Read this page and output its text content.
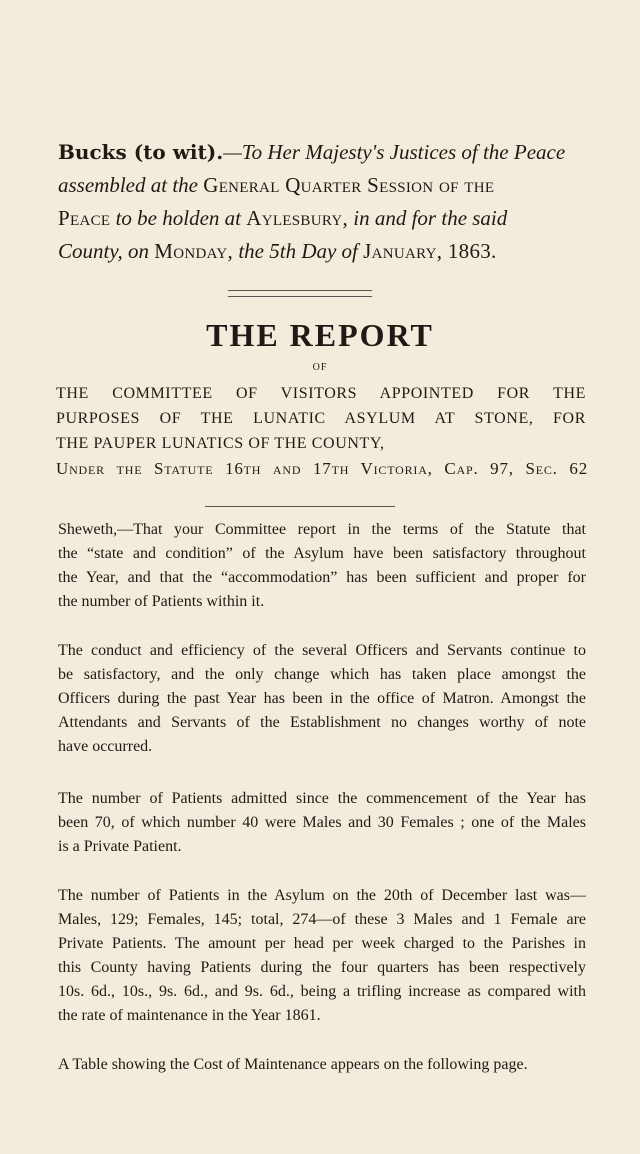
Bucks (to wit).—To Her Majesty's Justices of the Peace

assembled at the General Quarter Session of the

Peace to be holden at Aylesbury, in and for the said

County, on Monday, the 5th Day of January, 1863.

THE REPORT
OF
THE COMMITTEE OF VISITORS APPOINTED FOR THE
PURPOSES OF THE LUNATIC ASYLUM AT STONE, FOR
THE PAUPER LUNATICS OF THE COUNTY,
Under the Statute 16th and 17th Victoria, Cap. 97, Sec. 62
Sheweth,—That your Committee report in the terms of the Statute that
the “state and condition” of the Asylum have been satisfactory throughout
the Year, and that the “accommodation” has been sufficient and proper for
the number of Patients within it.
The conduct and efficiency of the several Officers and Servants continue to
be satisfactory, and the only change which has taken place amongst the
Officers during the past Year has been in the office of Matron. Amongst the
Attendants and Servants of the Establishment no changes worthy of note
have occurred.
The number of Patients admitted since the commencement of the Year has
been 70, of which number 40 were Males and 30 Females ; one of the Males
is a Private Patient.
The number of Patients in the Asylum on the 20th of December last was—
Males, 129; Females, 145; total, 274—of these 3 Males and 1 Female are
Private Patients. The amount per head per week charged to the Parishes in
this County having Patients during the four quarters has been respectively
10s. 6d., 10s., 9s. 6d., and 9s. 6d., being a trifling increase as compared with
the rate of maintenance in the Year 1861.
A Table showing the Cost of Maintenance appears on the following page.
